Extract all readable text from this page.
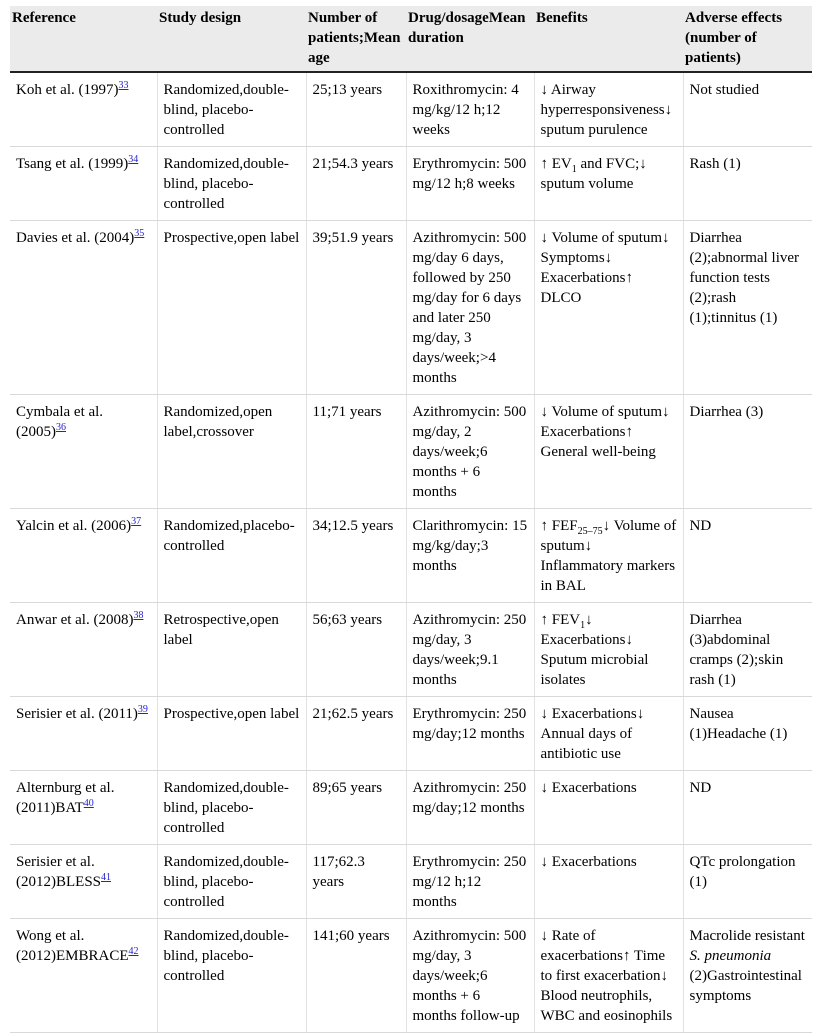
Reference	Study design	Number of patients;Mean age	Drug/dosageMean duration	Benefits	Adverse effects (number of patients)
Koh et al. (1997)$^{33}$	Randomized,double-blind, placebo-controlled	25;13 years	Roxithromycin: 4 mg/kg/12 h;12 weeks	↓ Airway hyperresponsiveness↓ sputum purulence	Not studied
Tsang et al. (1999)$^{34}$	Randomized,double-blind, placebo-controlled	21;54.3 years	Erythromycin: 500 mg/12 h;8 weeks	↑ $EV_1$ and FVC;↓ sputum volume	Rash (1)
Davies et al. (2004)$^{35}$	Prospective,open label	39;51.9 years	Azithromycin: 500 mg/day 6 days, followed by 250 mg/day for 6 days and later 250 mg/day, 3 days/week;>4 months	↓ Volume of sputum↓ Symptoms↓ Exacerbations↑ DLCO	Diarrhea (2);abnormal liver function tests (2);rash (1);tinnitus (1)
Cymbala et al. (2005)$^{36}$	Randomized,open label,crossover	11;71 years	Azithromycin: 500 mg/day, 2 days/week;6 months + 6 months	↓ Volume of sputum↓ Exacerbations↑ General well-being	Diarrhea (3)
Yalcin et al. (2006)$^{37}$	Randomized,placebo-controlled	34;12.5 years	Clarithromycin: 15 mg/kg/day;3 months	↑ $FEF_{25-75}↓$ Volume of sputum↓ Inflammatory markers in BAL	ND
Anwar et al. (2008)$^{38}$	Retrospective,open label	56;63 years	Azithromycin: 250 mg/day, 3 days/week;9.1 months	↑ $FEV_1↓$ Exacerbations↓ Sputum microbial isolates	Diarrhea (3)abdominal cramps (2);skin rash (1)
Serisier et al. (2011)$^{39}$	Prospective,open label	21;62.5 years	Erythromycin: 250 mg/day;12 months	↓ Exacerbations↓ Annual days of antibiotic use	Nausea (1)Headache (1)
Alternburg et al. (2011)BAT$^{40}$	Randomized,double-blind, placebo-controlled	89;65 years	Azithromycin: 250 mg/day;12 months	↓ Exacerbations	ND
Serisier et al. (2012)BLESS$^{41}$	Randomized,double-blind, placebo-controlled	117;62.3 years	Erythromycin: 250 mg/12 h;12 months	↓ Exacerbations	QTc prolongation (1)
Wong et al. (2012)EMBRACE$^{42}$	Randomized,double-blind, placebo-controlled	141;60 years	Azithromycin: 500 mg/day, 3 days/week;6 months + 6 months follow-up	↓ Rate of exacerbations↑ Time to first exacerbation↓ Blood neutrophils, WBC and eosinophils	Macrolide resistant S. pneumonia (2)Gastrointestinal symptoms
